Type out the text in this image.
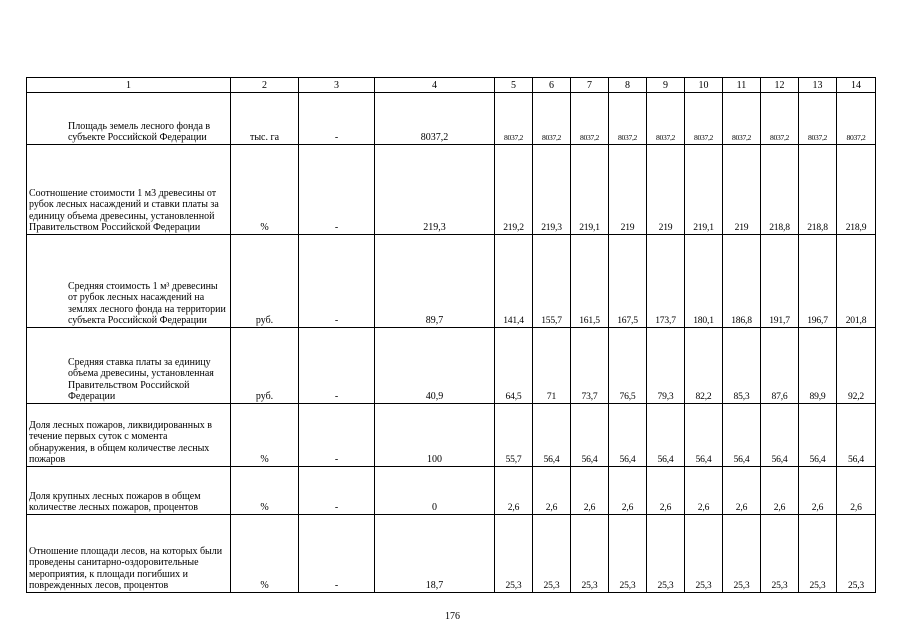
1	2	3	4	5	6	7	8	9	10	11	12	13	14
Площадь земель лесного фонда в субъекте Российской Федерации	тыс. га	-	8037,2	8037,2	8037,2	8037,2	8037,2	8037,2	8037,2	8037,2	8037,2	8037,2	8037,2
Соотношение стоимости 1 м3 древесины от рубок лесных насаждений и ставки платы за единицу объема древесины, установленной Правительством Российской Федерации	%	-	219,3	219,2	219,3	219,1	219	219	219,1	219	218,8	218,8	218,9
Средняя стоимость 1 м³ древесины от рубок лесных насаждений на землях лесного фонда на территории субъекта Российской Федерации	руб.	-	89,7	141,4	155,7	161,5	167,5	173,7	180,1	186,8	191,7	196,7	201,8
Средняя ставка платы за единицу объема древесины, установленная Правительством Российской Федерации	руб.	-	40,9	64,5	71	73,7	76,5	79,3	82,2	85,3	87,6	89,9	92,2
Доля лесных пожаров, ликвидированных в течение первых суток с момента обнаружения, в общем количестве лесных пожаров	%	-	100	55,7	56,4	56,4	56,4	56,4	56,4	56,4	56,4	56,4	56,4
Доля крупных лесных пожаров в общем количестве лесных пожаров, процентов	%	-	0	2,6	2,6	2,6	2,6	2,6	2,6	2,6	2,6	2,6	2,6
Отношение площади лесов, на которых были проведены санитарно-оздоровительные мероприятия, к площади погибших и поврежденных лесов, процентов	%	-	18,7	25,3	25,3	25,3	25,3	25,3	25,3	25,3	25,3	25,3	25,3
176
